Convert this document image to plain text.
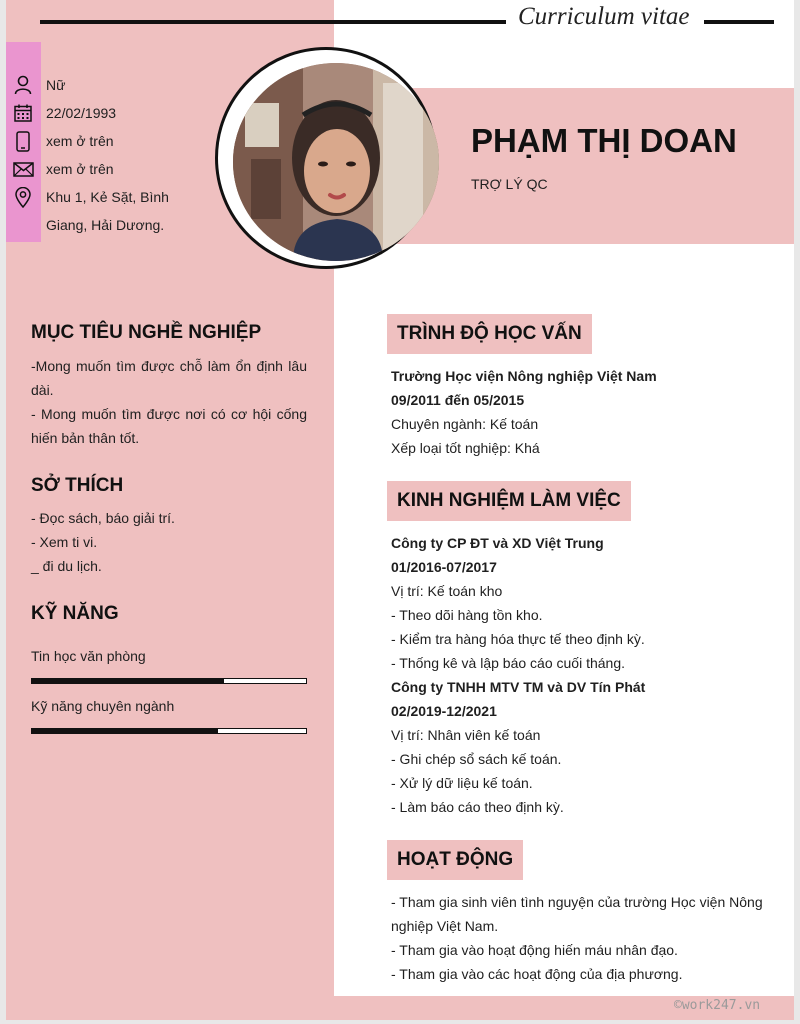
Curriculum vitae
Nữ
22/02/1993
xem ở trên
xem ở trên
Khu 1, Kẻ Sặt, Bình Giang, Hải Dương.
PHẠM THỊ DOAN
TRỢ LÝ QC
MỤC TIÊU NGHỀ NGHIỆP

-Mong muốn tìm được chỗ làm ổn định lâu dài.

- Mong muốn tìm được nơi có cơ hội cống hiến bản thân tốt.

SỞ THÍCH

- Đọc sách, báo giải trí.

- Xem ti vi.

_ đi du lịch.

KỸ NĂNG
Tin học văn phòng
Kỹ năng chuyên ngành
TRÌNH ĐỘ HỌC VẤN

Trường Học viện Nông nghiệp Việt Nam

09/2011 đến 05/2015

Chuyên ngành: Kế toán

Xếp loại tốt nghiệp: Khá

KINH NGHIỆM LÀM VIỆC

Công ty CP ĐT và XD Việt Trung

01/2016-07/2017

Vị trí: Kế toán kho

- Theo dõi hàng tồn kho.

- Kiểm tra hàng hóa thực tế theo định kỳ.

- Thống kê và lập báo cáo cuối tháng.

Công ty TNHH MTV TM và DV Tín Phát

02/2019-12/2021

Vị trí: Nhân viên kế toán

- Ghi chép sổ sách kế toán.

- Xử lý dữ liệu kế toán.

- Làm báo cáo theo định kỳ.

HOẠT ĐỘNG

- Tham gia sinh viên tình nguyện của trường Học viện Nông nghiệp Việt Nam.

- Tham gia vào hoạt động hiến máu nhân đạo.

- Tham gia vào các hoạt động của địa phương.

©work247.vn
